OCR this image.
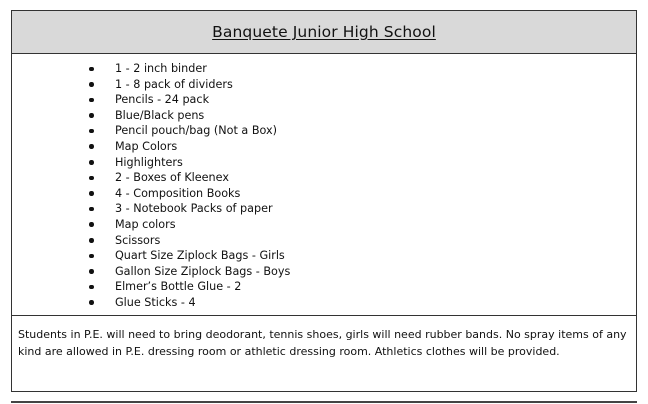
Banquete Junior High School
1 - 2 inch binder
1 - 8 pack of dividers
Pencils - 24 pack
Blue/Black pens
Pencil pouch/bag (Not a Box)
Map Colors
Highlighters
2 - Boxes of Kleenex
4 - Composition Books
3 - Notebook Packs of paper
Map colors
Scissors
Quart Size Ziplock Bags - Girls
Gallon Size Ziplock Bags - Boys
Elmer’s Bottle Glue - 2
Glue Sticks - 4
Students in P.E. will need to bring deodorant, tennis shoes, girls will need rubber bands. No spray items of any kind are allowed in P.E. dressing room or athletic dressing room. Athletics clothes will be provided.
